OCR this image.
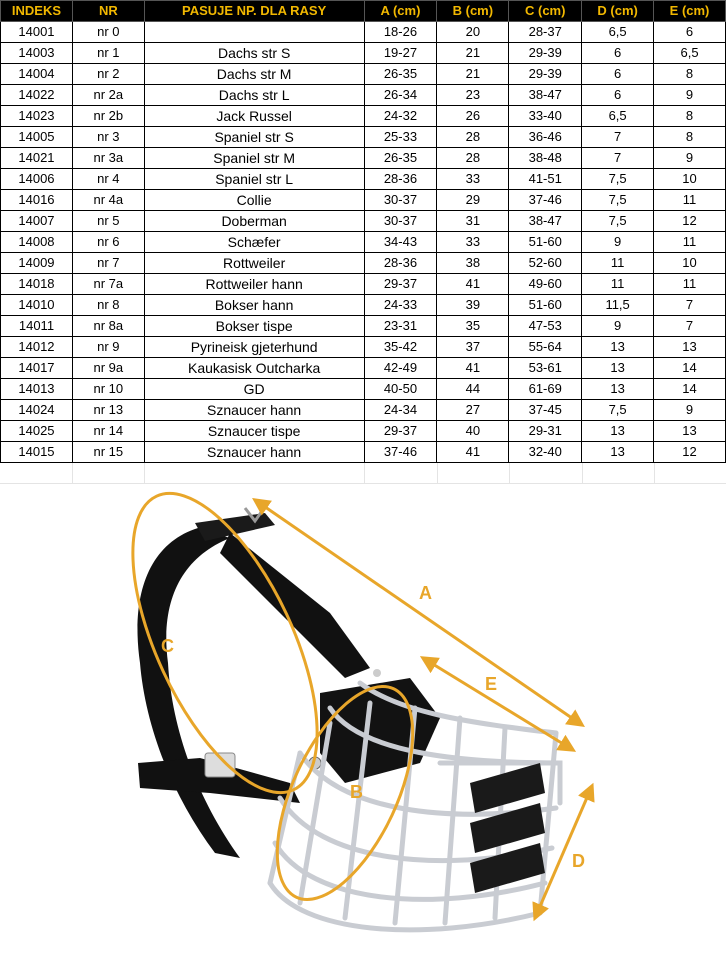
INDEKS	NR	PASUJE NP. DLA RASY	A (cm)	B (cm)	C (cm)	D (cm)	E (cm)
14001	nr 0		18-26	20	28-37	6,5	6
14003	nr 1	Dachs str S	19-27	21	29-39	6	6,5
14004	nr 2	Dachs str M	26-35	21	29-39	6	8
14022	nr 2a	Dachs str L	26-34	23	38-47	6	9
14023	nr 2b	Jack Russel	24-32	26	33-40	6,5	8
14005	nr 3	Spaniel str S	25-33	28	36-46	7	8
14021	nr 3a	Spaniel str M	26-35	28	38-48	7	9
14006	nr 4	Spaniel str L	28-36	33	41-51	7,5	10
14016	nr 4a	Collie	30-37	29	37-46	7,5	11
14007	nr 5	Doberman	30-37	31	38-47	7,5	12
14008	nr 6	Schæfer	34-43	33	51-60	9	11
14009	nr 7	Rottweiler	28-36	38	52-60	11	10
14018	nr 7a	Rottweiler hann	29-37	41	49-60	11	11
14010	nr 8	Bokser hann	24-33	39	51-60	11,5	7
14011	nr 8a	Bokser tispe	23-31	35	47-53	9	7
14012	nr 9	Pyrineisk gjeterhund	35-42	37	55-64	13	13
14017	nr 9a	Kaukasisk Outcharka	42-49	41	53-61	13	14
14013	nr 10	GD	40-50	44	61-69	13	14
14024	nr 13	Sznaucer hann	24-34	27	37-45	7,5	9
14025	nr 14	Sznaucer tispe	29-37	40	29-31	13	13
14015	nr 15	Sznaucer hann	37-46	41	32-40	13	12
A
E
C
B
D
